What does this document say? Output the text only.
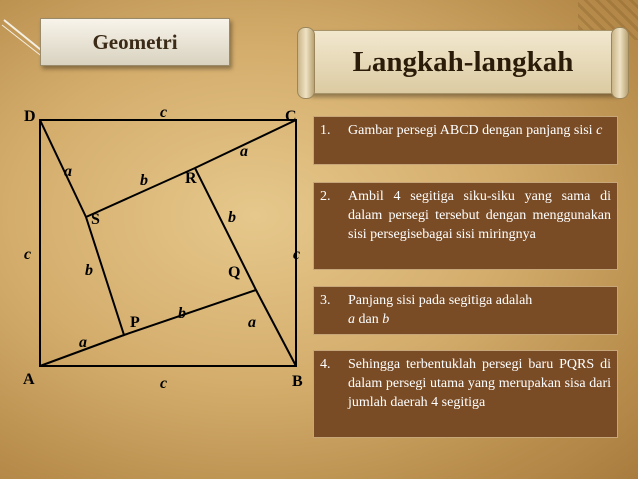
Geometri
Langkah-langkah
D	C
A	B
R
S
Q
P
c
c
c	c
a
a
a
a
b
b
b
b
1. Gambar persegi ABCD dengan panjang sisi c
2. Ambil 4 segitiga siku-siku yang sama di dalam persegi tersebut dengan menggunakan sisi persegisebagai sisi miringnya
3. Panjang sisi pada segitiga adalah
a dan b
4. Sehingga terbentuklah persegi baru PQRS di dalam persegi utama yang merupakan sisa dari jumlah daerah 4 segitiga
